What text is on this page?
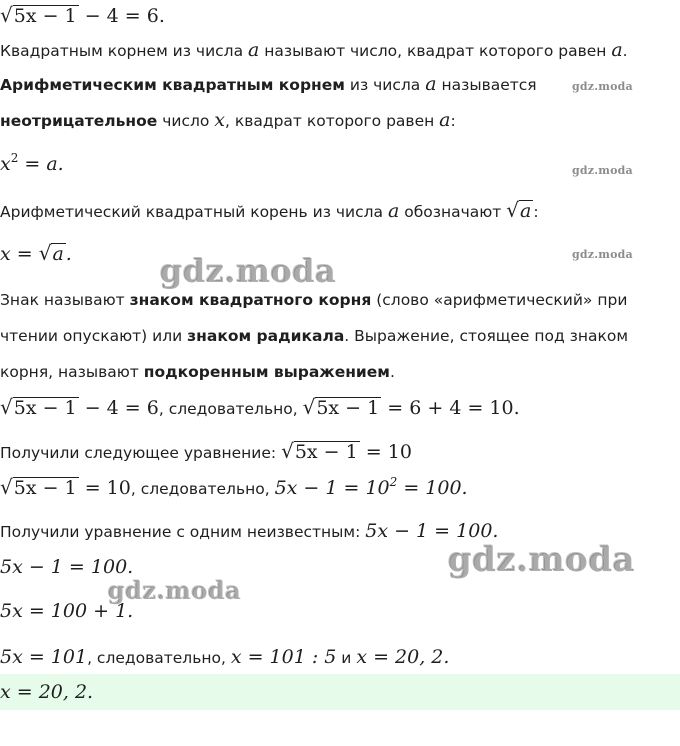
√5x − 1 − 4 = 6.
Квадратным корнем из числа a называют число, квадрат которого равен a.
Арифметическим квадратным корнем из числа a называется	gdz.moda
неотрицательное число x, квадрат которого равен a:
$x^2 = a$.	gdz.moda
Арифметический квадратный корень из числа a обозначают √a :
x = √a .	gdz.moda
gdz.moda
Знак называют знаком квадратного корня (слово «арифметический» при
чтении опускают) или знаком радикала. Выражение, стоящее под знаком
корня, называют подкоренным выражением.
√5x − 1 − 4 = 6, следовательно, √5x − 1 = 6 + 4 = 10.
Получили следующее уравнение: √5x − 1 = 10
√5x − 1 = 10, следовательно, $5x - 1 = 10^2 = 100$.
Получили уравнение с одним неизвестным: 5x − 1 = 100.
5x − 1 = 100.	gdz.moda
gdz.moda
5x = 100 + 1.
5x = 101, следовательно, x = 101 : 5 и x = 20, 2.
x = 20, 2.
